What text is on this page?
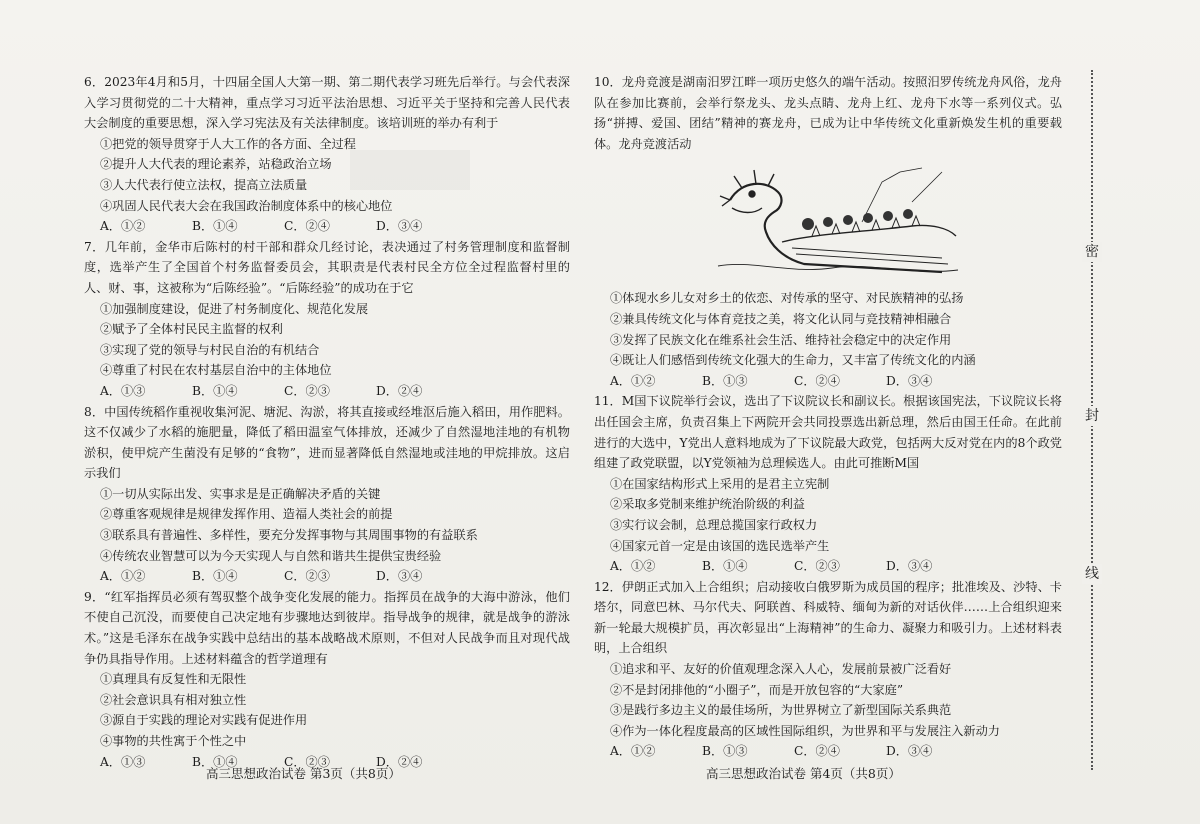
6．2023年4月和5月，十四届全国人大第一期、第二期代表学习班先后举行。与会代表深入学习贯彻党的二十大精神，重点学习习近平法治思想、习近平关于坚持和完善人民代表大会制度的重要思想，深入学习宪法及有关法律制度。该培训班的举办有利于

①把党的领导贯穿于人大工作的各方面、全过程

②提升人大代表的理论素养，站稳政治立场

③人大代表行使立法权，提高立法质量

④巩固人民代表大会在我国政治制度体系中的核心地位

A．①②	B．①④	C．②④	D．③④

7．几年前，金华市后陈村的村干部和群众几经讨论，表决通过了村务管理制度和监督制度，选举产生了全国首个村务监督委员会，其职责是代表村民全方位全过程监督村里的人、财、事，这被称为“后陈经验”。“后陈经验”的成功在于它

①加强制度建设，促进了村务制度化、规范化发展

②赋予了全体村民民主监督的权利

③实现了党的领导与村民自治的有机结合

④尊重了村民在农村基层自治中的主体地位

A．①③	B．①④	C．②③	D．②④

8．中国传统稻作重视收集河泥、塘泥、沟淤，将其直接或经堆沤后施入稻田，用作肥料。这不仅减少了水稻的施肥量，降低了稻田温室气体排放，还减少了自然湿地洼地的有机物淤积，使甲烷产生菌没有足够的“食物”，进而显著降低自然湿地或洼地的甲烷排放。这启示我们

①一切从实际出发、实事求是是正确解决矛盾的关键

②尊重客观规律是规律发挥作用、造福人类社会的前提

③联系具有普遍性、多样性，要充分发挥事物与其周围事物的有益联系

④传统农业智慧可以为今天实现人与自然和谐共生提供宝贵经验

A．①②	B．①④	C．②③	D．③④

9．“红军指挥员必须有驾驭整个战争变化发展的能力。指挥员在战争的大海中游泳，他们不使自己沉没，而要使自己决定地有步骤地达到彼岸。指导战争的规律，就是战争的游泳术。”这是毛泽东在战争实践中总结出的基本战略战术原则，不但对人民战争而且对现代战争仍具指导作用。上述材料蕴含的哲学道理有

①真理具有反复性和无限性

②社会意识具有相对独立性

③源自于实践的理论对实践有促进作用

④事物的共性寓于个性之中

A．①③	B．①④	C．②③	D．②④
高三思想政治试卷 第3页（共8页）

10．龙舟竞渡是湖南汨罗江畔一项历史悠久的端午活动。按照汨罗传统龙舟风俗，龙舟队在参加比赛前，会举行祭龙头、龙头点睛、龙舟上红、龙舟下水等一系列仪式。弘扬“拼搏、爱国、团结”精神的赛龙舟，已成为让中华传统文化重新焕发生机的重要载体。龙舟竞渡活动

①体现水乡儿女对乡土的依恋、对传承的坚守、对民族精神的弘扬

②兼具传统文化与体育竞技之美，将文化认同与竞技精神相融合

③发挥了民族文化在维系社会生活、维持社会稳定中的决定作用

④既让人们感悟到传统文化强大的生命力，又丰富了传统文化的内涵

A．①②	B．①③	C．②④	D．③④

11．M国下议院举行会议，选出了下议院议长和副议长。根据该国宪法，下议院议长将出任国会主席，负责召集上下两院开会共同投票选出新总理，然后由国王任命。在此前进行的大选中，Y党出人意料地成为了下议院最大政党，包括两大反对党在内的8个政党组建了政党联盟，以Y党领袖为总理候选人。由此可推断M国

①在国家结构形式上采用的是君主立宪制

②采取多党制来维护统治阶级的利益

③实行议会制，总理总揽国家行政权力

④国家元首一定是由该国的选民选举产生

A．①②	B．①④	C．②③	D．③④

12．伊朗正式加入上合组织；启动接收白俄罗斯为成员国的程序；批准埃及、沙特、卡塔尔，同意巴林、马尔代夫、阿联酋、科威特、缅甸为新的对话伙伴……上合组织迎来新一轮最大规模扩员，再次彰显出“上海精神”的生命力、凝聚力和吸引力。上述材料表明，上合组织

①追求和平、友好的价值观理念深入人心，发展前景被广泛看好

②不是封闭排他的“小圈子”，而是开放包容的“大家庭”

③是践行多边主义的最佳场所，为世界树立了新型国际关系典范

④作为一体化程度最高的区域性国际组织，为世界和平与发展注入新动力

A．①②	B．①③	C．②④	D．③④
高三思想政治试卷 第4页（共8页）
密
封
线
